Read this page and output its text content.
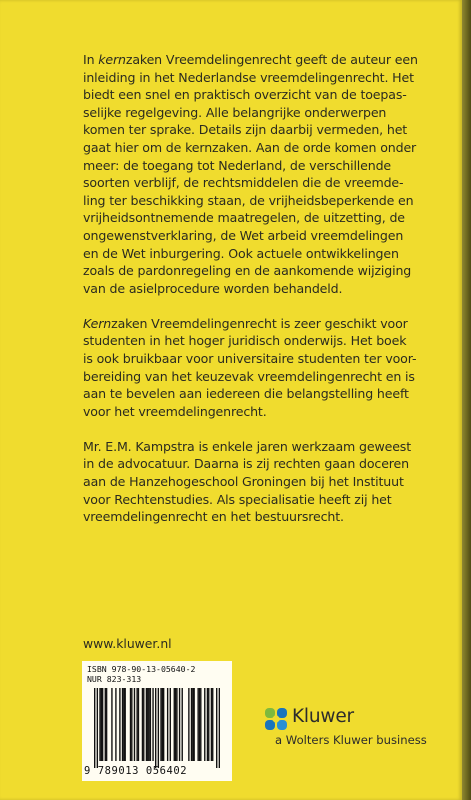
In kernzaken Vreemdelingenrecht geeft de auteur een
inleiding in het Nederlandse vreemdelingenrecht. Het
biedt een snel en praktisch overzicht van de toepas-
selijke regelgeving. Alle belangrijke onderwerpen
komen ter sprake. Details zijn daarbij vermeden, het
gaat hier om de kernzaken. Aan de orde komen onder
meer: de toegang tot Nederland, de verschillende
soorten verblijf, de rechtsmiddelen die de vreemde-
ling ter beschikking staan, de vrijheidsbeperkende en
vrijheidsontnemende maatregelen, de uitzetting, de
ongewenstverklaring, de Wet arbeid vreemdelingen
en de Wet inburgering. Ook actuele ontwikkelingen
zoals de pardonregeling en de aankomende wijziging
van de asielprocedure worden behandeld.

Kernzaken Vreemdelingenrecht is zeer geschikt voor
studenten in het hoger juridisch onderwijs. Het boek
is ook bruikbaar voor universitaire studenten ter voor-
bereiding van het keuzevak vreemdelingenrecht en is
aan te bevelen aan iedereen die belangstelling heeft
voor het vreemdelingenrecht.

Mr. E.M. Kampstra is enkele jaren werkzaam geweest
in de advocatuur. Daarna is zij rechten gaan doceren
aan de Hanzehogeschool Groningen bij het Instituut
voor Rechtenstudies. Als specialisatie heeft zij het
vreemdelingenrecht en het bestuursrecht.

www.kluwer.nl
ISBN 978-90-13-05640-2
NUR 823-313
9 789013 056402
Kluwer
a Wolters Kluwer business
